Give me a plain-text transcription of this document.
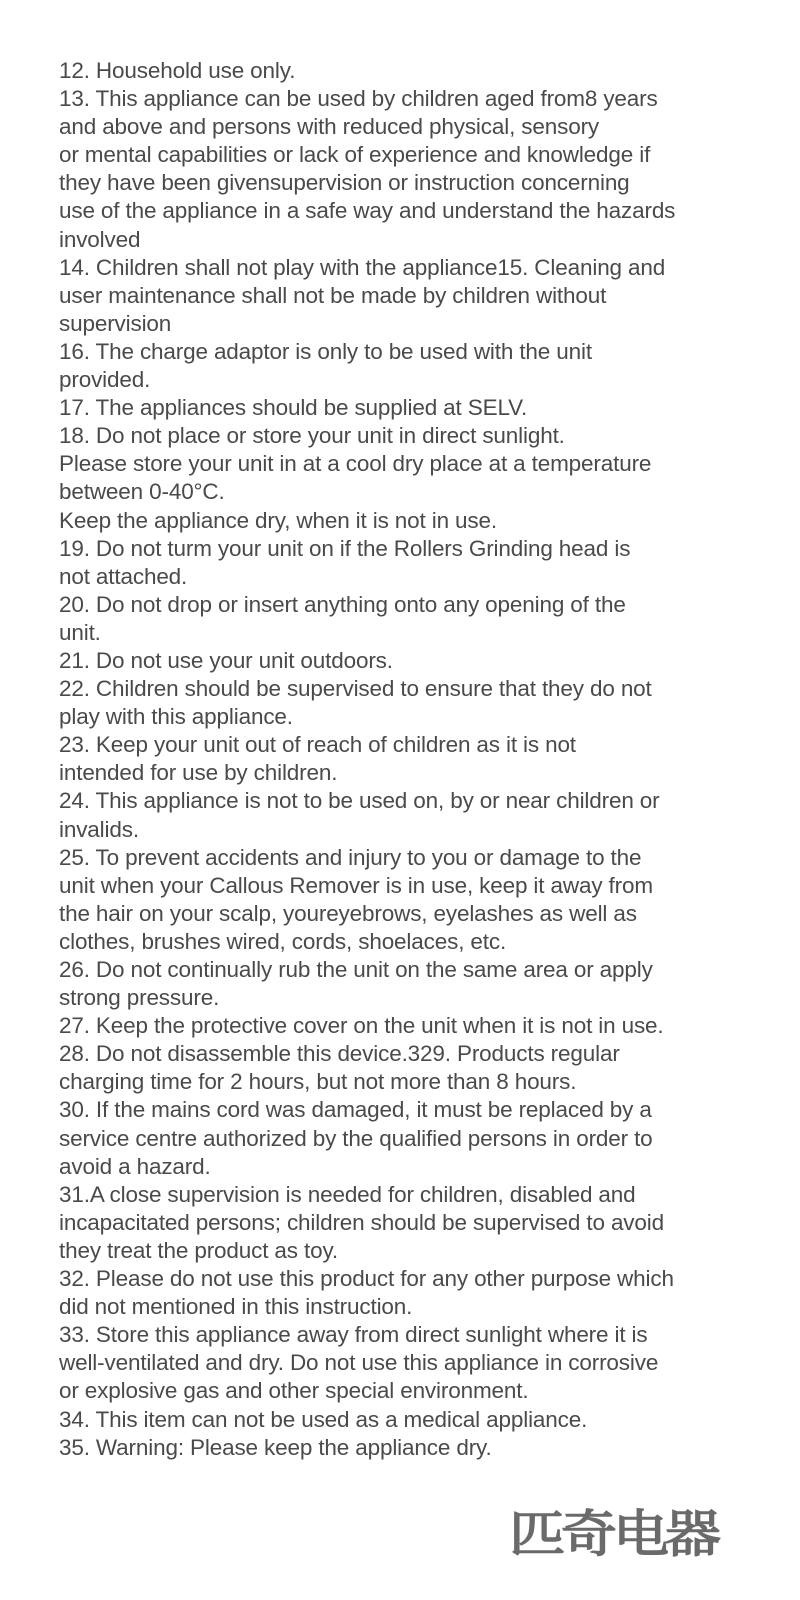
12. Household use only.
13. This appliance can be used by children aged from8 years
and above and persons with reduced physical, sensory
or mental capabilities or lack of experience and knowledge if
they have been givensupervision or instruction concerning
use of the appliance in a safe way and understand the hazards
involved
14. Children shall not play with the appliance15. Cleaning and
user maintenance shall not be made by children without
supervision
16. The charge adaptor is only to be used with the unit
provided.
17. The appliances should be supplied at SELV.
18. Do not place or store your unit in direct sunlight.
Please store your unit in at a cool dry place at a temperature
between 0-40°C.
Keep the appliance dry, when it is not in use.
19. Do not turm your unit on if the Rollers Grinding head is
not attached.
20. Do not drop or insert anything onto any opening of the
unit.
21. Do not use your unit outdoors.
22. Children should be supervised to ensure that they do not
play with this appliance.
23. Keep your unit out of reach of children as it is not
intended for use by children.
24. This appliance is not to be used on, by or near children or
invalids.
25. To prevent accidents and injury to you or damage to the
unit when your Callous Remover is in use, keep it away from
the hair on your scalp, youreyebrows, eyelashes as well as
clothes, brushes wired, cords, shoelaces, etc.
26. Do not continually rub the unit on the same area or apply
strong pressure.
27. Keep the protective cover on the unit when it is not in use.
28. Do not disassemble this device.329. Products regular
charging time for 2 hours, but not more than 8 hours.
30. If the mains cord was damaged, it must be replaced by a
service centre authorized by the qualified persons in order to
avoid a hazard.
31.A close supervision is needed for children, disabled and
incapacitated persons; children should be supervised to avoid
they treat the product as toy.
32. Please do not use this product for any other purpose which
did not mentioned in this instruction.
33. Store this appliance away from direct sunlight where it is
well-ventilated and dry. Do not use this appliance in corrosive
or explosive gas and other special environment.
34. This item can not be used as a medical appliance.
35. Warning: Please keep the appliance dry.
匹奇电器
